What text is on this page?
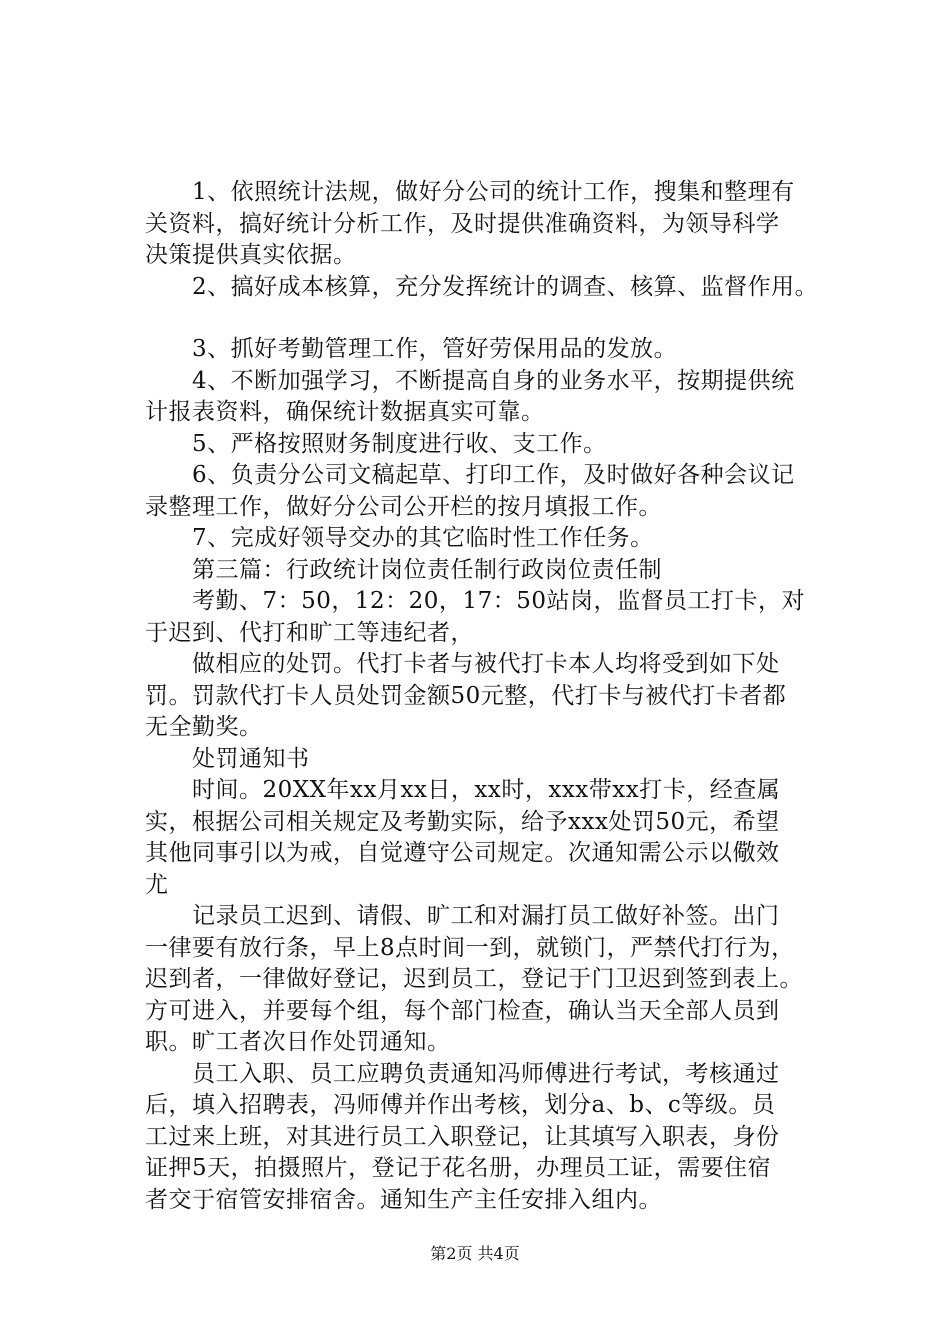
　　1、依照统计法规，做好分公司的统计工作，搜集和整理有
关资料，搞好统计分析工作，及时提供准确资料，为领导科学
决策提供真实依据。
　　2、搞好成本核算，充分发挥统计的调查、核算、监督作用。
　　3、抓好考勤管理工作，管好劳保用品的发放。
　　4、不断加强学习，不断提高自身的业务水平，按期提供统
计报表资料，确保统计数据真实可靠。
　　5、严格按照财务制度进行收、支工作。
　　6、负责分公司文稿起草、打印工作，及时做好各种会议记
录整理工作，做好分公司公开栏的按月填报工作。
　　7、完成好领导交办的其它临时性工作任务。
　　第三篇：行政统计岗位责任制行政岗位责任制
　　考勤、7：50，12：20，17：50站岗，监督员工打卡，对
于迟到、代打和旷工等违纪者，
　　做相应的处罚。代打卡者与被代打卡本人均将受到如下处
罚。罚款代打卡人员处罚金额50元整，代打卡与被代打卡者都
无全勤奖。
　　处罚通知书
　　时间。20XX年xx月xx日，xx时，xxx带xx打卡，经查属
实，根据公司相关规定及考勤实际，给予xxx处罚50元，希望
其他同事引以为戒，自觉遵守公司规定。次通知需公示以儆效
尤
　　记录员工迟到、请假、旷工和对漏打员工做好补签。出门
一律要有放行条，早上8点时间一到，就锁门，严禁代打行为，
迟到者，一律做好登记，迟到员工，登记于门卫迟到签到表上。
方可进入，并要每个组，每个部门检查，确认当天全部人员到
职。旷工者次日作处罚通知。
　　员工入职、员工应聘负责通知冯师傅进行考试，考核通过
后，填入招聘表，冯师傅并作出考核，划分a、b、c等级。员
工过来上班，对其进行员工入职登记，让其填写入职表，身份
证押5天，拍摄照片，登记于花名册，办理员工证，需要住宿
者交于宿管安排宿舍。通知生产主任安排入组内。
第2页 共4页
